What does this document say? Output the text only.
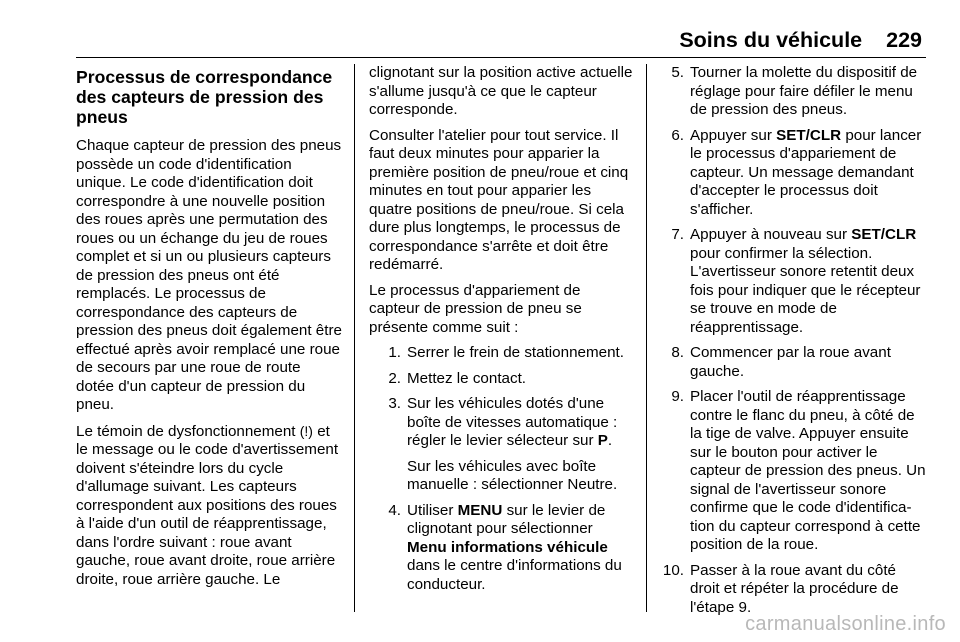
Soins du véhicule 229
Processus de correspondance des capteurs de pression des pneus

Chaque capteur de pression des pneus possède un code d'identification unique. Le code d'identification doit correspondre à une nouvelle position des roues après une permutation des roues ou un échange du jeu de roues complet et si un ou plusieurs capteurs de pression des pneus ont été remplacés. Le processus de correspondance des capteurs de pression des pneus doit également être effectué après avoir remplacé une roue de secours par une roue de route dotée d'un capteur de pression du pneu.

Le témoin de dysfonctionnement (!) et le message ou le code d'avertissement doivent s'éteindre lors du cycle d'allumage suivant. Les capteurs correspondent aux positions des roues à l'aide d'un outil de réapprentissage, dans l'ordre suivant : roue avant gauche, roue avant droite, roue arrière droite, roue arrière gauche. Le

clignotant sur la position active actuelle s'allume jusqu'à ce que le capteur corresponde.

Consulter l'atelier pour tout service. Il faut deux minutes pour apparier la première position de pneu/roue et cinq minutes en tout pour apparier les quatre positions de pneu/roue. Si cela dure plus longtemps, le processus de correspondance s'arrête et doit être redémarré.

Le processus d'appariement de capteur de pression de pneu se présente comme suit :

1. Serrer le frein de stationnement.
2. Mettez le contact.
3. Sur les véhicules dotés d'une boîte de vitesses automatique : régler le levier sélecteur sur P.

Sur les véhicules avec boîte manuelle : sélectionner Neutre.

4. Utiliser MENU sur le levier de clignotant pour sélectionner Menu informations véhicule dans le centre d'informations du conducteur.
5. Tourner la molette du dispositif de réglage pour faire défiler le menu de pression des pneus.
6. Appuyer sur SET/CLR pour lancer le processus d'appariement de capteur. Un message demandant d'accepter le processus doit s'afficher.
7. Appuyer à nouveau sur SET/CLR pour confirmer la sélection. L'avertisseur sonore retentit deux fois pour indiquer que le récepteur se trouve en mode de réapprentissage.
8. Commencer par la roue avant gauche.
9. Placer l'outil de réapprentissage contre le flanc du pneu, à côté de la tige de valve. Appuyer ensuite sur le bouton pour activer le capteur de pression des pneus. Un signal de l'avertisseur sonore confirme que le code d'identification du capteur correspond à cette position de la roue.
10. Passer à la roue avant du côté droit et répéter la procédure de l'étape 9.
carmanualsonline.info
